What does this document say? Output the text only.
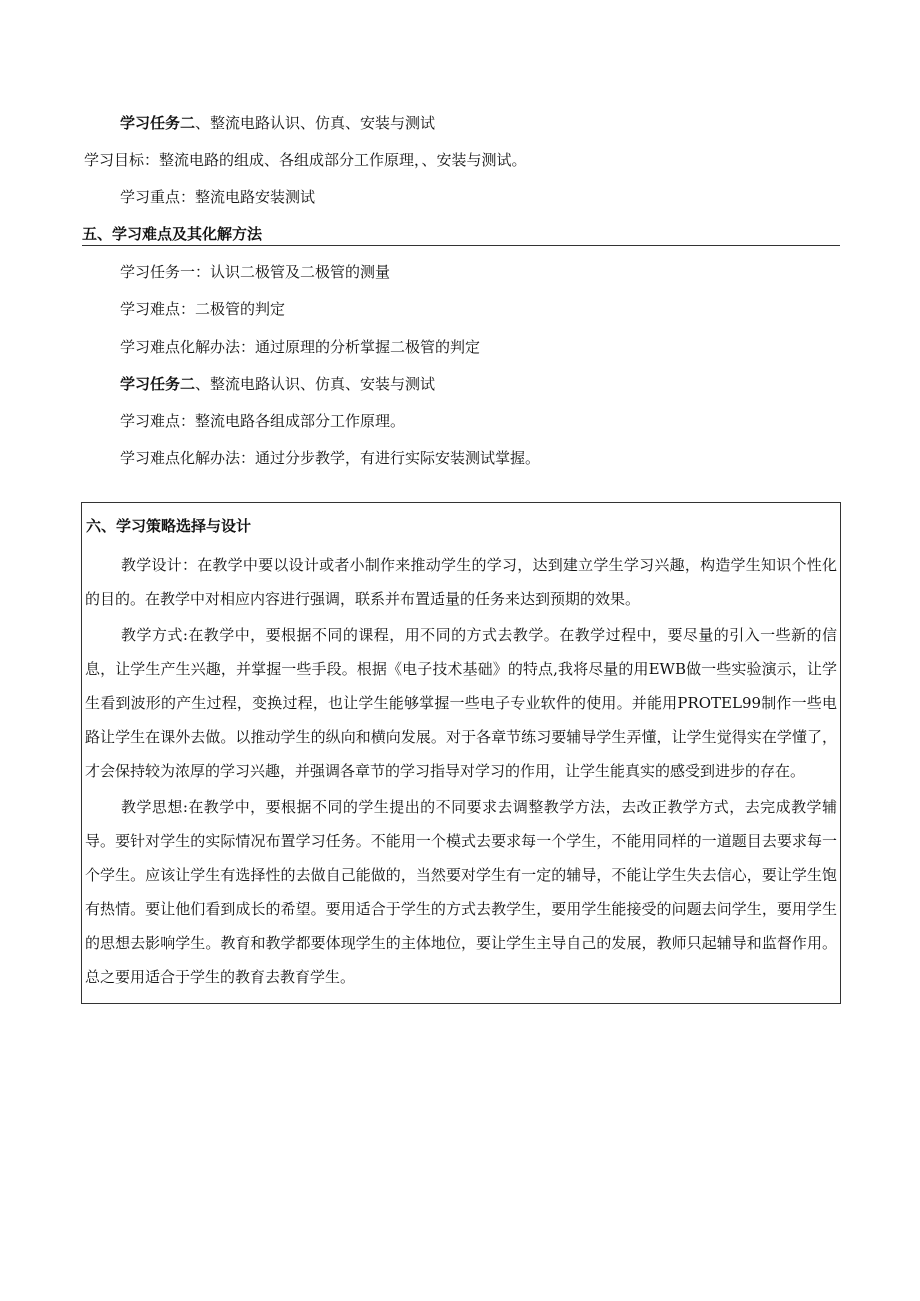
学习任务二、整流电路认识、仿真、安装与测试
学习目标：整流电路的组成、各组成部分工作原理，、安装与测试。
学习重点：整流电路安装测试
五、学习难点及其化解方法
学习任务一：认识二极管及二极管的测量
学习难点：二极管的判定
学习难点化解办法：通过原理的分析掌握二极管的判定
学习任务二、整流电路认识、仿真、安装与测试
学习难点：整流电路各组成部分工作原理。
学习难点化解办法：通过分步教学，有进行实际安装测试掌握。
六、学习策略选择与设计
教学设计：在教学中要以设计或者小制作来推动学生的学习，达到建立学生学习兴趣，构造学生知识个性化的目的。在教学中对相应内容进行强调，联系并布置适量的任务来达到预期的效果。
教学方式:在教学中，要根据不同的课程，用不同的方式去教学。在教学过程中，要尽量的引入一些新的信息，让学生产生兴趣，并掌握一些手段。根据《电子技术基础》的特点,我将尽量的用EWB做一些实验演示，让学生看到波形的产生过程，变换过程，也让学生能够掌握一些电子专业软件的使用。并能用PROTEL99制作一些电路让学生在课外去做。以推动学生的纵向和横向发展。对于各章节练习要辅导学生弄懂，让学生觉得实在学懂了，才会保持较为浓厚的学习兴趣，并强调各章节的学习指导对学习的作用，让学生能真实的感受到进步的存在。
教学思想:在教学中，要根据不同的学生提出的不同要求去调整教学方法，去改正教学方式，去完成教学辅导。要针对学生的实际情况布置学习任务。不能用一个模式去要求每一个学生，不能用同样的一道题目去要求每一个学生。应该让学生有选择性的去做自己能做的，当然要对学生有一定的辅导，不能让学生失去信心，要让学生饱有热情。要让他们看到成长的希望。要用适合于学生的方式去教学生，要用学生能接受的问题去问学生，要用学生的思想去影响学生。教育和教学都要体现学生的主体地位，要让学生主导自己的发展，教师只起辅导和监督作用。总之要用适合于学生的教育去教育学生。
